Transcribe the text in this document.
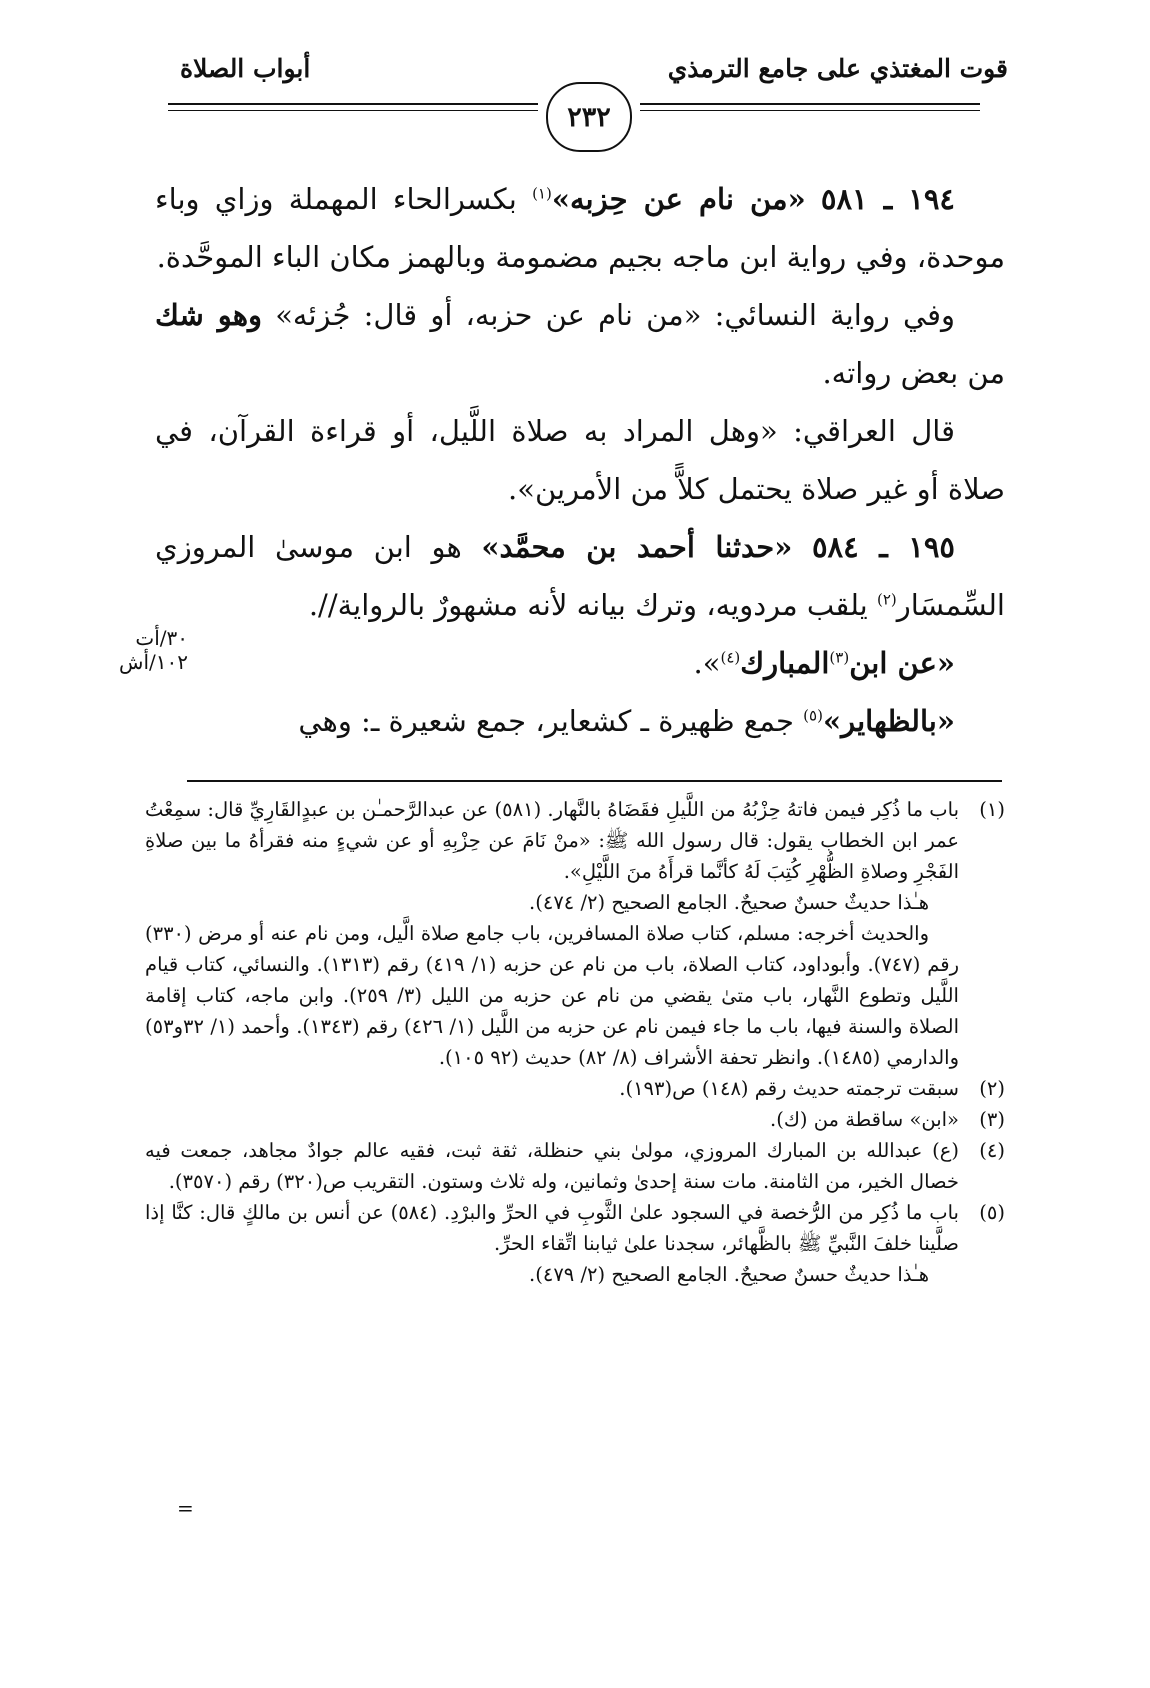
قوت المغتذي على جامع الترمذي
أبواب الصلاة
٢٣٢

١٩٤ ـ ٥٨١ «من نام عن حِزبه»$^{(١)}$ بكسرالحاء المهملة وزاي وباء موحدة، وفي رواية ابن ماجه بجيم مضمومة وبالهمز مكان الباء الموحَّدة.

وفي رواية النسائي: «من نام عن حزبه، أو قال: جُزئه» وهو شك من بعض رواته.

قال العراقي: «وهل المراد به صلاة اللَّيل، أو قراءة القرآن، في صلاة أو غير صلاة يحتمل كلاًّ من الأمرين».

١٩٥ ـ ٥٨٤ «حدثنا أحمد بن محمَّد» هو ابن موسىٰ المروزي السِّمسَار$^{(٢)}$ يلقب مردويه، وترك بيانه لأنه مشهورٌ بالرواية//.

«عن ابن$^{(٣)}$المبارك$^{(٤)}$».

«بالظهاير»$^{(٥)}$ جمع ظهيرة ـ كشعاير، جمع شعيرة ـ: وهي

٣٠/أت
١٠٢/أش
(١)
باب ما ذُكِر فيمن فاتهُ حِزْبُهُ من اللَّيلِ فقَضَاهُ بالنَّهار. (٥٨١) عن عبدالرَّحمـٰن بن عبدٍالقَارِيِّ قال: سمِعْتُ عمر ابن الخطاب يقول: قال رسول الله ﷺ: «منْ نَامَ عن حِزْبِهِ أو عن شيءٍ منه فقرأهُ ما بين صلاةِ الفَجْرِ وصلاةِ الظُّهْرِ كُتِبَ لَهُ كأنَّما قرأَهُ منَ اللَّيْلِ».
هـٰذا حديثٌ حسنٌ صحيحٌ. الجامع الصحيح (٢/ ٤٧٤).
والحديث أخرجه: مسلم، كتاب صلاة المسافرين، باب جامع صلاة الَّيل، ومن نام عنه أو مرض (٣٣٠) رقم (٧٤٧). وأبوداود، كتاب الصلاة، باب من نام عن حزبه (١/ ٤١٩) رقم (١٣١٣). والنسائي، كتاب قيام اللَّيل وتطوع النَّهار، باب متىٰ يقضي من نام عن حزبه من الليل (٣/ ٢٥٩). وابن ماجه، كتاب إقامة الصلاة والسنة فيها، باب ما جاء فيمن نام عن حزبه من اللَّيل (١/ ٤٢٦) رقم (١٣٤٣). وأحمد (١/ ٣٢و٥٣) والدارمي (١٤٨٥). وانظر تحفة الأشراف (٨/ ٨٢) حديث (٩٢ ١٠٥).
(٢)
سبقت ترجمته حديث رقم (١٤٨) ص(١٩٣).
(٣)
«ابن» ساقطة من (ك).
(٤)
(ع) عبدالله بن المبارك المروزي، مولىٰ بني حنظلة، ثقة ثبت، فقيه عالم جوادٌ مجاهد، جمعت فيه خصال الخير، من الثامنة. مات سنة إحدىٰ وثمانين، وله ثلاث وستون. التقريب ص(٣٢٠) رقم (٣٥٧٠).
(٥)
باب ما ذُكِر من الرُّخصة في السجود علىٰ الثَّوبِ في الحرِّ والبرْدِ. (٥٨٤) عن أنس بن مالكٍ قال: كنَّا إذا صلَّينا خلفَ النَّبيِّ ﷺ بالظَّهائر، سجدنا علىٰ ثيابنا اتِّقاء الحرِّ.
هـٰذا حديثٌ حسنٌ صحيحٌ. الجامع الصحيح (٢/ ٤٧٩).
=
